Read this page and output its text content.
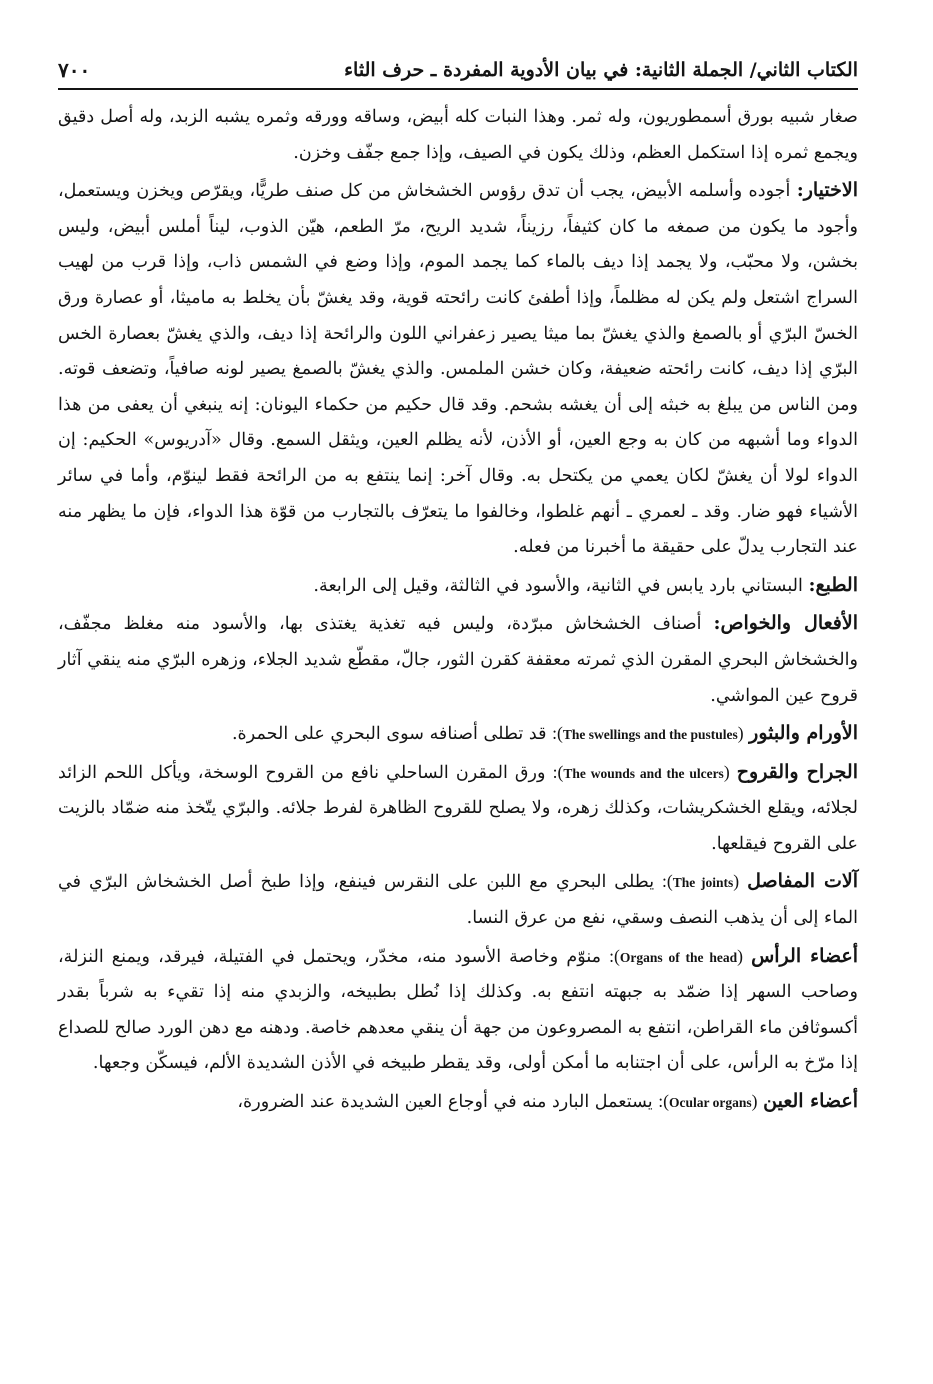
الكتاب الثاني/ الجملة الثانية: في بيان الأدوية المفردة ـ حرف الثاء
٧٠٠

صغار شبيه بورق أسمطوريون، وله ثمر. وهذا النبات كله أبيض، وساقه وورقه وثمره يشبه الزبد، وله أصل دقيق ويجمع ثمره إذا استكمل العظم، وذلك يكون في الصيف، وإذا جمع جفّف وخزن.

الاختيار: أجوده وأسلمه الأبيض، يجب أن تدق رؤوس الخشخاش من كل صنف طريًّا، ويقرّص ويخزن ويستعمل، وأجود ما يكون من صمغه ما كان كثيفاً، رزيناً، شديد الريح، مرّ الطعم، هيّن الذوب، ليناً أملس أبيض، وليس بخشن، ولا محبّب، ولا يجمد إذا ديف بالماء كما يجمد الموم، وإذا وضع في الشمس ذاب، وإذا قرب من لهيب السراج اشتعل ولم يكن له مظلماً، وإذا أطفئ كانت رائحته قوية، وقد يغشّ بأن يخلط به ماميثا، أو عصارة ورق الخسّ البرّي أو بالصمغ والذي يغشّ بما ميثا يصير زعفراني اللون والرائحة إذا ديف، والذي يغشّ بعصارة الخس البرّي إذا ديف، كانت رائحته ضعيفة، وكان خشن الملمس. والذي يغشّ بالصمغ يصير لونه صافياً، وتضعف قوته. ومن الناس من يبلغ به خبثه إلى أن يغشه بشحم. وقد قال حكيم من حكماء اليونان: إنه ينبغي أن يعفى من هذا الدواء وما أشبهه من كان به وجع العين، أو الأذن، لأنه يظلم العين، ويثقل السمع. وقال «آدريوس» الحكيم: إن الدواء لولا أن يغشّ لكان يعمي من يكتحل به. وقال آخر: إنما ينتفع به من الرائحة فقط لينوّم، وأما في سائر الأشياء فهو ضار. وقد ـ لعمري ـ أنهم غلطوا، وخالفوا ما يتعرّف بالتجارب من قوّة هذا الدواء، فإن ما يظهر منه عند التجارب يدلّ على حقيقة ما أخبرنا من فعله.

الطبع: البستاني بارد يابس في الثانية، والأسود في الثالثة، وقيل إلى الرابعة.

الأفعال والخواص: أصناف الخشخاش مبرّدة، وليس فيه تغذية يغتذى بها، والأسود منه مغلظ مجفّف، والخشخاش البحري المقرن الذي ثمرته معقفة كقرن الثور، جالّ، مقطّع شديد الجلاء، وزهره البرّي منه ينقي آثار قروح عين المواشي.

الأورام والبثور (The swellings and the pustules): قد تطلى أصنافه سوى البحري على الحمرة.

الجراح والقروح (The wounds and the ulcers): ورق المقرن الساحلي نافع من القروح الوسخة، ويأكل اللحم الزائد لجلائه، ويقلع الخشكريشات، وكذلك زهره، ولا يصلح للقروح الظاهرة لفرط جلائه. والبرّي يتّخذ منه ضمّاد بالزيت على القروح فيقلعها.

آلات المفاصل (The joints): يطلى البحري مع اللبن على النقرس فينفع، وإذا طبخ أصل الخشخاش البرّي في الماء إلى أن يذهب النصف وسقي، نفع من عرق النسا.

أعضاء الرأس (Organs of the head): منوّم وخاصة الأسود منه، مخدّر، ويحتمل في الفتيلة، فيرقد، ويمنع النزلة، وصاحب السهر إذا ضمّد به جبهته انتفع به. وكذلك إذا نُطل بطبيخه، والزبدي منه إذا تقيء به شرباً بقدر أكسوثافن ماء القراطن، انتفع به المصروعون من جهة أن ينقي معدهم خاصة. ودهنه مع دهن الورد صالح للصداع إذا مرّخ به الرأس، على أن اجتنابه ما أمكن أولى، وقد يقطر طبيخه في الأذن الشديدة الألم، فيسكّن وجعها.

أعضاء العين (Ocular organs): يستعمل البارد منه في أوجاع العين الشديدة عند الضرورة،
